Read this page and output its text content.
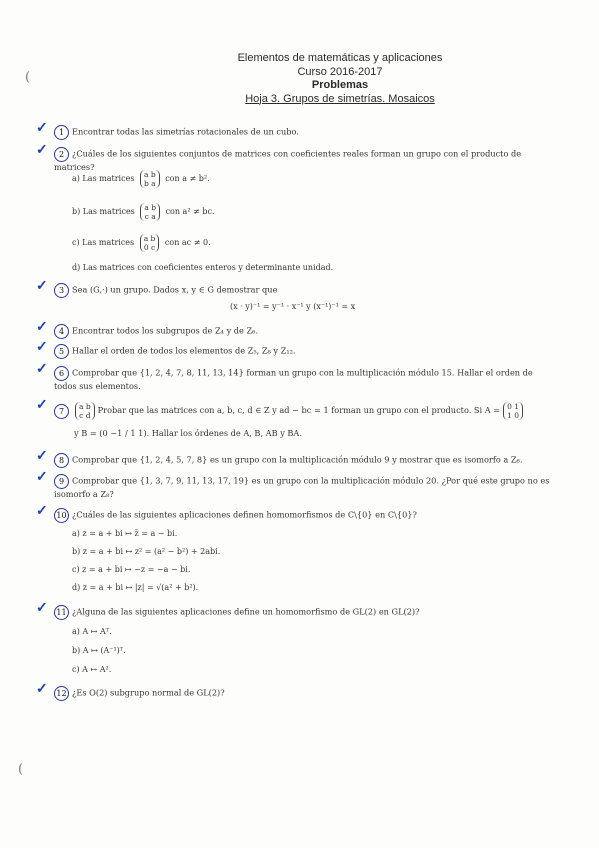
(
(
Elementos de matemáticas y aplicaciones
Curso 2016-2017
Problemas
Hoja 3. Grupos de simetrías. Mosaicos
✓ 1 Encontrar todas las simetrías rotacionales de un cubo.
✓ 2 ¿Cuáles de los siguientes conjuntos de matrices con coeficientes reales forman un grupo con el producto de matrices?
a) Las matrices a b
b a con a ≠ b².
b) Las matrices a b
c a con a² ≠ bc.
c) Las matrices a b
0 c con ac ≠ 0.
d) Las matrices con coeficientes enteros y determinante unidad.
✓ 3 Sea (G,·) un grupo. Dados x, y ∈ G demostrar que
(x · y)⁻¹ = y⁻¹ · x⁻¹ y (x⁻¹)⁻¹ = x
✓ 4 Encontrar todos los subgrupos de Z₄ y de Z₆.
✓ 5 Hallar el orden de todos los elementos de Z₅, Z₈ y Z₁₂.
✓ 6 Comprobar que {1, 2, 4, 7, 8, 11, 13, 14} forman un grupo con la multiplicación módulo 15. Hallar el orden de todos sus elementos.
✓ 7 a b
c dProbar que las matrices con a, b, c, d ∈ Z y ad − bc = 1 forman un grupo con el producto. Si A = 0 1
1 0
y B = (0 −1 / 1 1). Hallar los órdenes de A, B, AB y BA.
✓ 8 Comprobar que {1, 2, 4, 5, 7, 8} es un grupo con la multiplicación módulo 9 y mostrar que es isomorfo a Z₆.
✓ 9 Comprobar que {1, 3, 7, 9, 11, 13, 17, 19} es un grupo con la multiplicación módulo 20. ¿Por qué este grupo no es isomorfo a Z₈?
✓ 10 ¿Cuáles de las siguientes aplicaciones definen homomorfismos de C\{0} en C\{0}?
a) z = a + bi ↦ z̄ = a − bi.
b) z = a + bi ↦ z² = (a² − b²) + 2abi.
c) z = a + bi ↦ −z = −a − bi.
d) z = a + bi ↦ |z| = √(a² + b²).
✓ 11 ¿Alguna de las siguientes aplicaciones define un homomorfismo de GL(2) en GL(2)?
a) A ↦ Aᵀ.
b) A ↦ (A⁻¹)ᵀ.
c) A ↦ A².
✓ 12 ¿Es O(2) subgrupo normal de GL(2)?
